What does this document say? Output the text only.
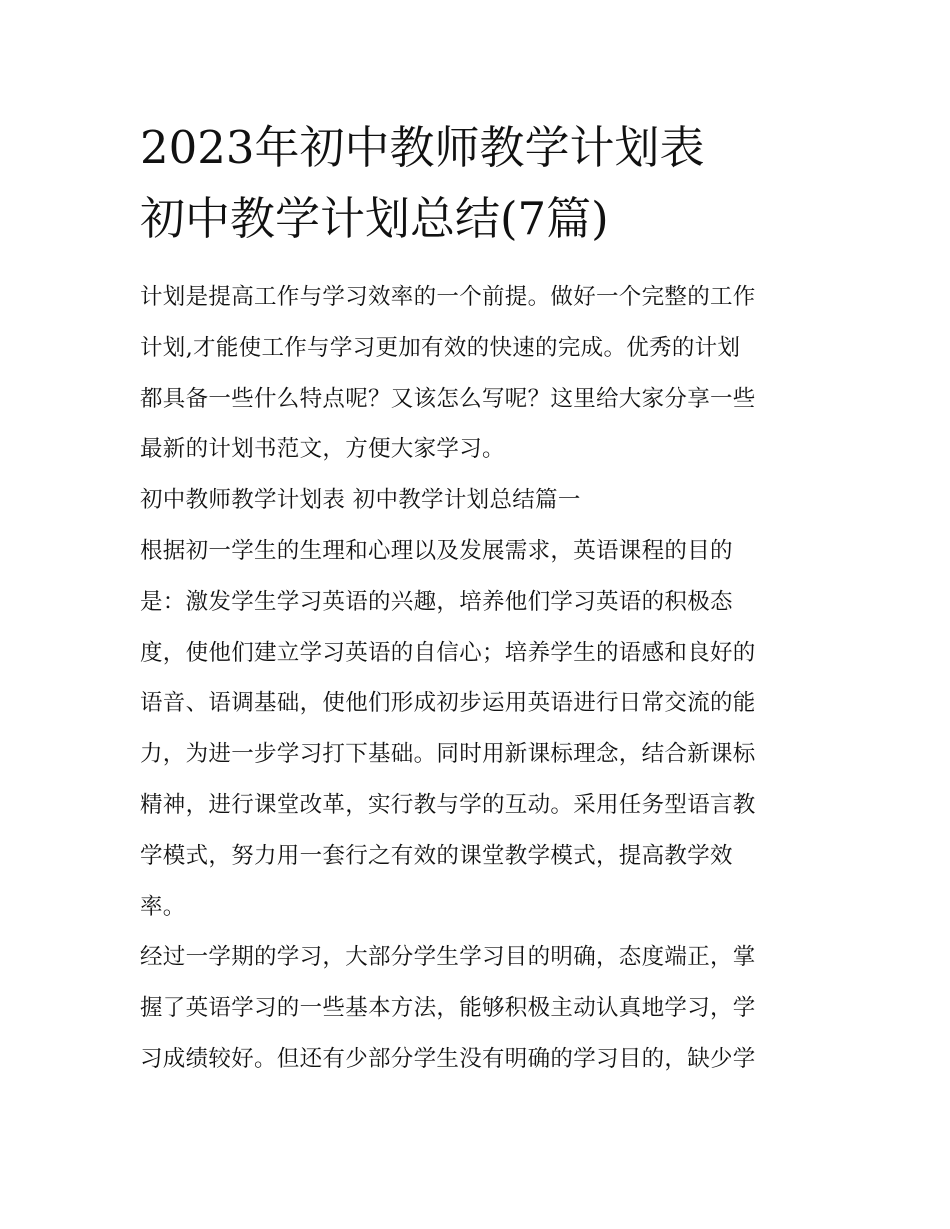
2023年初中教师教学计划表
初中教学计划总结(7篇)
计划是提高工作与学习效率的一个前提。做好一个完整的工作
计划,才能使工作与学习更加有效的快速的完成。优秀的计划
都具备一些什么特点呢？又该怎么写呢？这里给大家分享一些
最新的计划书范文，方便大家学习。
初中教师教学计划表 初中教学计划总结篇一
根据初一学生的生理和心理以及发展需求，英语课程的目的
是：激发学生学习英语的兴趣，培养他们学习英语的积极态
度，使他们建立学习英语的自信心；培养学生的语感和良好的
语音、语调基础，使他们形成初步运用英语进行日常交流的能
力，为进一步学习打下基础。同时用新课标理念，结合新课标
精神，进行课堂改革，实行教与学的互动。采用任务型语言教
学模式，努力用一套行之有效的课堂教学模式，提高教学效
率。
经过一学期的学习，大部分学生学习目的明确，态度端正，掌
握了英语学习的一些基本方法，能够积极主动认真地学习，学
习成绩较好。但还有少部分学生没有明确的学习目的，缺少学
